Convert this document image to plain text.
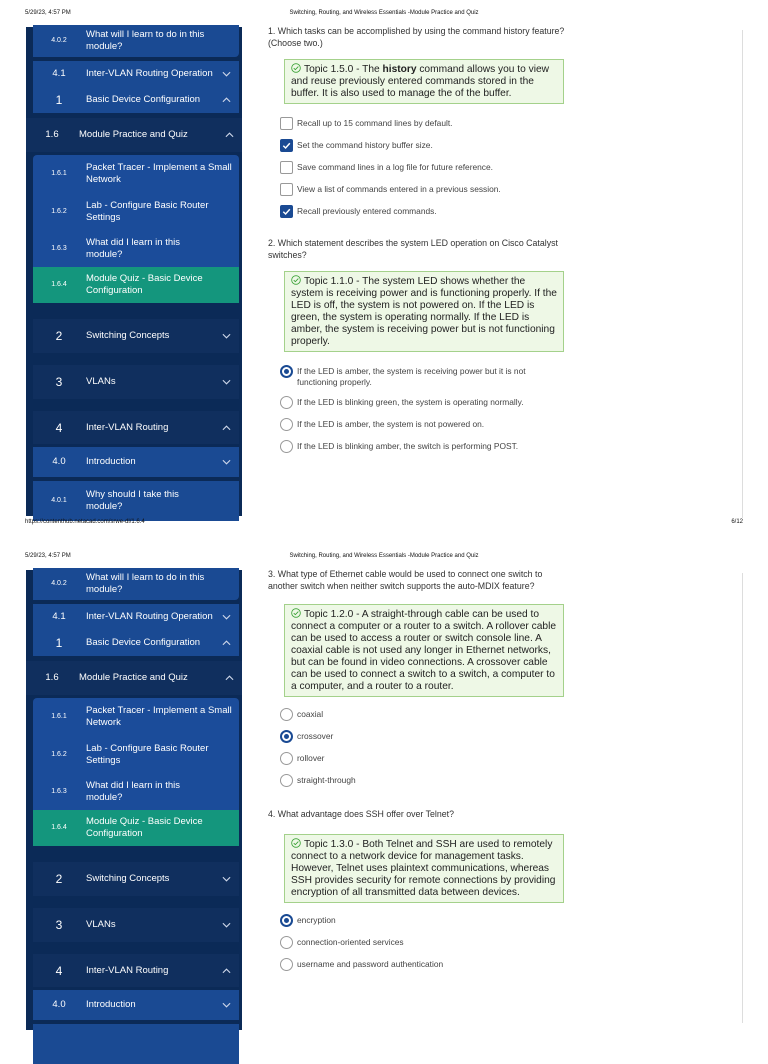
5/29/23, 4:57 PM	Switching, Routing, and Wireless Essentials -Module Practice and Quiz
4.0.2
What will I learn to do in this module?
4.1	Inter-VLAN Routing Operation
1	Basic Device Configuration
1.6	Module Practice and Quiz
1.6.1
Packet Tracer - Implement a Small Network
1.6.2
Lab - Configure Basic Router Settings
1.6.3
What did I learn in this module?
1.6.4
Module Quiz - Basic Device Configuration
2	Switching Concepts
3	VLANs
4	Inter-VLAN Routing
4.0	Introduction
4.0.1
Why should I take this module?
1. Which tasks can be accomplished by using the command history feature? (Choose two.)
Topic 1.5.0 - The history command allows you to view and reuse previously entered commands stored in the buffer. It is also used to manage the of the buffer.
Recall up to 15 command lines by default.
Set the command history buffer size.
Save command lines in a log file for future reference.
View a list of commands entered in a previous session.
Recall previously entered commands.
2. Which statement describes the system LED operation on Cisco Catalyst switches?
Topic 1.1.0 - The system LED shows whether the system is receiving power and is functioning properly. If the LED is off, the system is not powered on. If the LED is green, the system is operating normally. If the LED is amber, the system is receiving power but is not functioning properly.
If the LED is amber, the system is receiving power but it is not functioning properly.
If the LED is blinking green, the system is operating normally.
If the LED is amber, the system is not powered on.
If the LED is blinking amber, the switch is performing POST.
https://contenthub.netacad.com/srwe-dl/1.6.4	6/12
5/29/23, 4:57 PM	Switching, Routing, and Wireless Essentials -Module Practice and Quiz
4.0.2
What will I learn to do in this module?
4.1	Inter-VLAN Routing Operation
1	Basic Device Configuration
1.6	Module Practice and Quiz
1.6.1
Packet Tracer - Implement a Small Network
1.6.2
Lab - Configure Basic Router Settings
1.6.3
What did I learn in this module?
1.6.4
Module Quiz - Basic Device Configuration
2	Switching Concepts
3	VLANs
4	Inter-VLAN Routing
4.0	Introduction
3. What type of Ethernet cable would be used to connect one switch to another switch when neither switch supports the auto-MDIX feature?
Topic 1.2.0 - A straight-through cable can be used to connect a computer or a router to a switch. A rollover cable can be used to access a router or switch console line. A coaxial cable is not used any longer in Ethernet networks, but can be found in video connections. A crossover cable can be used to connect a switch to a switch, a computer to a computer, and a router to a router.
coaxial
crossover
rollover
straight-through
4. What advantage does SSH offer over Telnet?
Topic 1.3.0 - Both Telnet and SSH are used to remotely connect to a network device for management tasks. However, Telnet uses plaintext communications, whereas SSH provides security for remote connections by providing encryption of all transmitted data between devices.
encryption
connection-oriented services
username and password authentication
